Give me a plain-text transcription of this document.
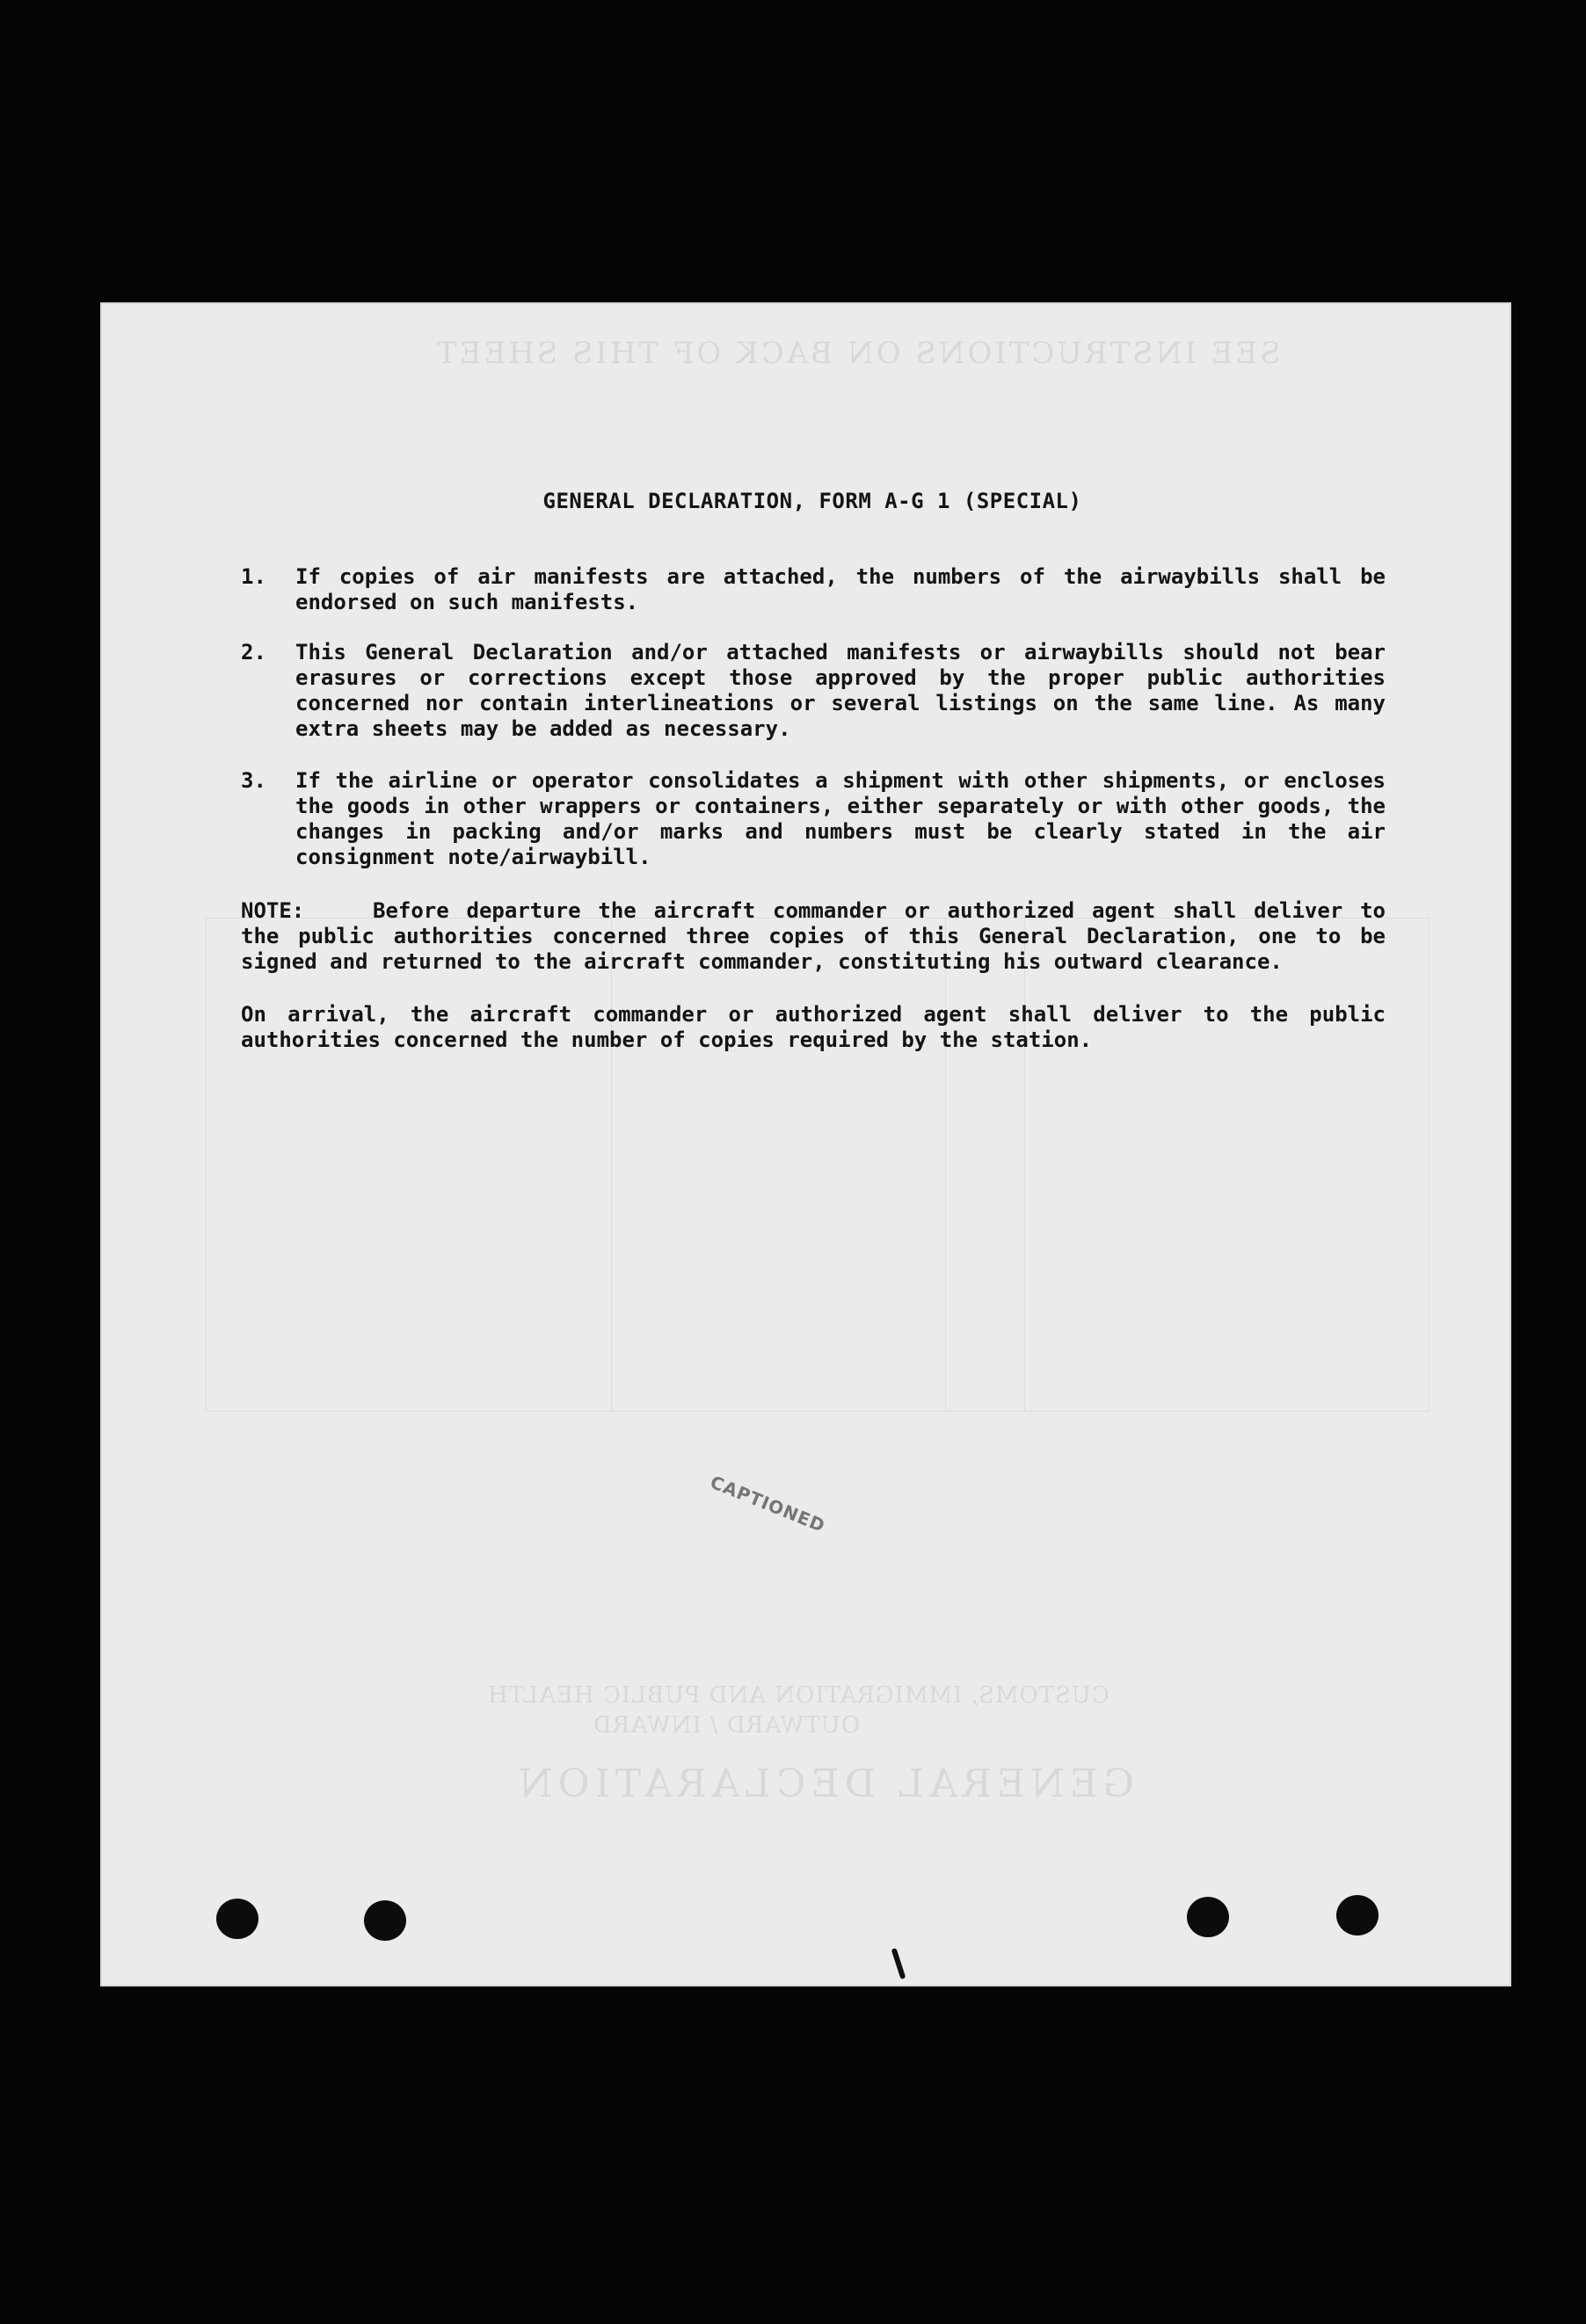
SEE INSTRUCTIONS ON BACK OF THIS SHEET
CUSTOMS, IMMIGRATION AND PUBLIC HEALTH
OUTWARD / INWARD
GENERAL DECLARATION
GENERAL DECLARATION, FORM A-G 1 (SPECIAL)
1. If copies of air manifests are attached, the numbers of the airwaybills shall be endorsed on such manifests.
2. This General Declaration and/or attached manifests or airwaybills should not bear erasures or corrections except those approved by the proper public authorities concerned nor contain interlineations or several listings on the same line. As many extra sheets may be added as necessary.
3. If the airline or operator consolidates a shipment with other shipments, or encloses the goods in other wrappers or containers, either separately or with other goods, the changes in packing and/or marks and numbers must be clearly stated in the air consignment note/airwaybill.
NOTE:	Before departure the aircraft commander or authorized agent shall deliver to the public authorities concerned three copies of this General Declaration, one to be signed and returned to the aircraft commander, constituting his outward clearance.
On arrival, the aircraft commander or authorized agent shall deliver to the public authorities concerned the number of copies required by the station.
CAPTIONED
